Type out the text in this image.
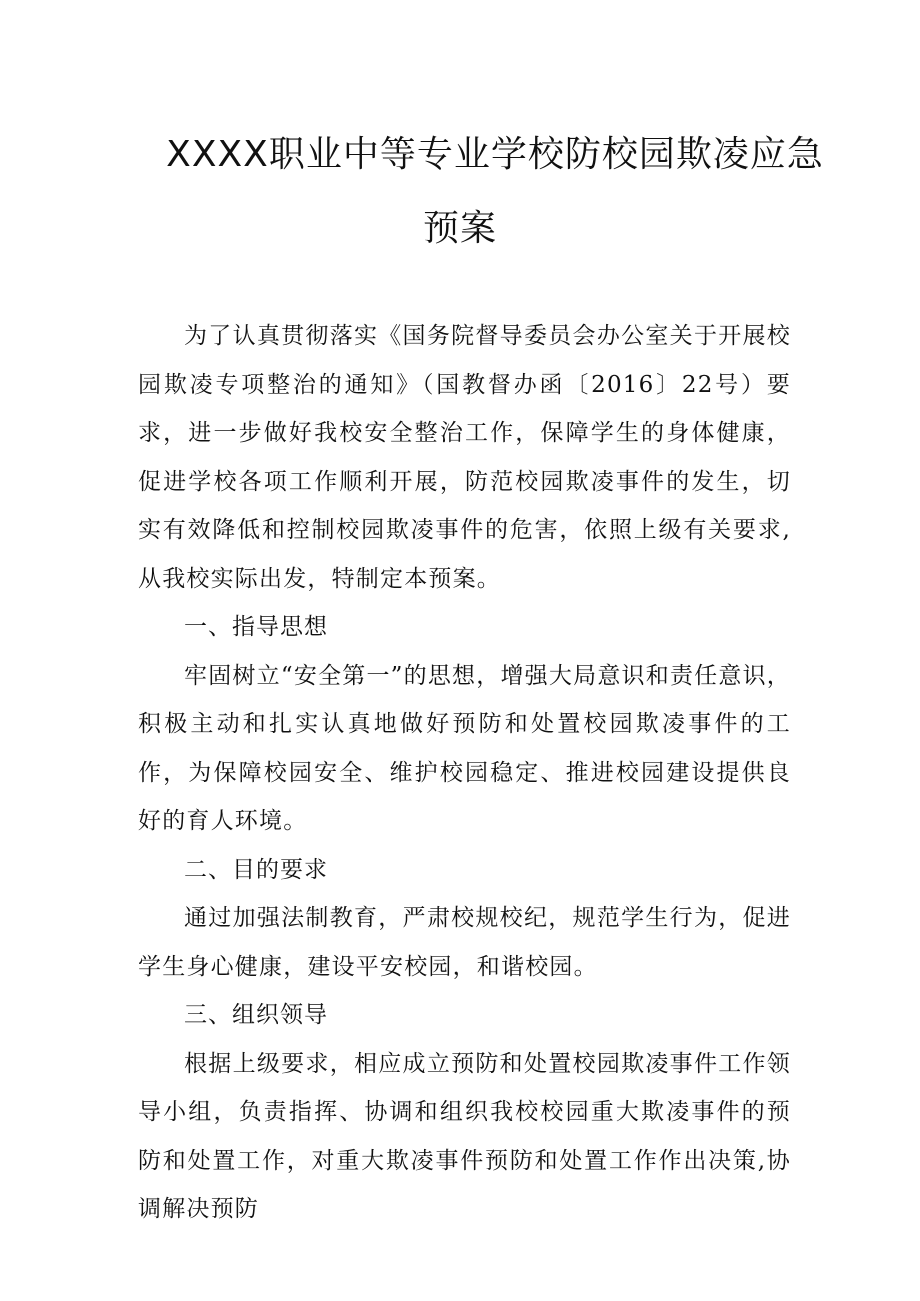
XXXX职业中等专业学校防校园欺凌应急
预案

为了认真贯彻落实《国务院督导委员会办公室关于开展校园欺凌专项整治的通知》（国教督办函〔2016〕22号）要求，进一步做好我校安全整治工作，保障学生的身体健康，促进学校各项工作顺利开展，防范校园欺凌事件的发生，切实有效降低和控制校园欺凌事件的危害，依照上级有关要求,从我校实际出发，特制定本预案。

一、指导思想

牢固树立“安全第一”的思想，增强大局意识和责任意识，积极主动和扎实认真地做好预防和处置校园欺凌事件的工作，为保障校园安全、维护校园稳定、推进校园建设提供良好的育人环境。

二、目的要求

通过加强法制教育，严肃校规校纪，规范学生行为，促进学生身心健康，建设平安校园，和谐校园。

三、组织领导

根据上级要求，相应成立预防和处置校园欺凌事件工作领导小组，负责指挥、协调和组织我校校园重大欺凌事件的预防和处置工作，对重大欺凌事件预防和处置工作作出决策,协调解决预防
